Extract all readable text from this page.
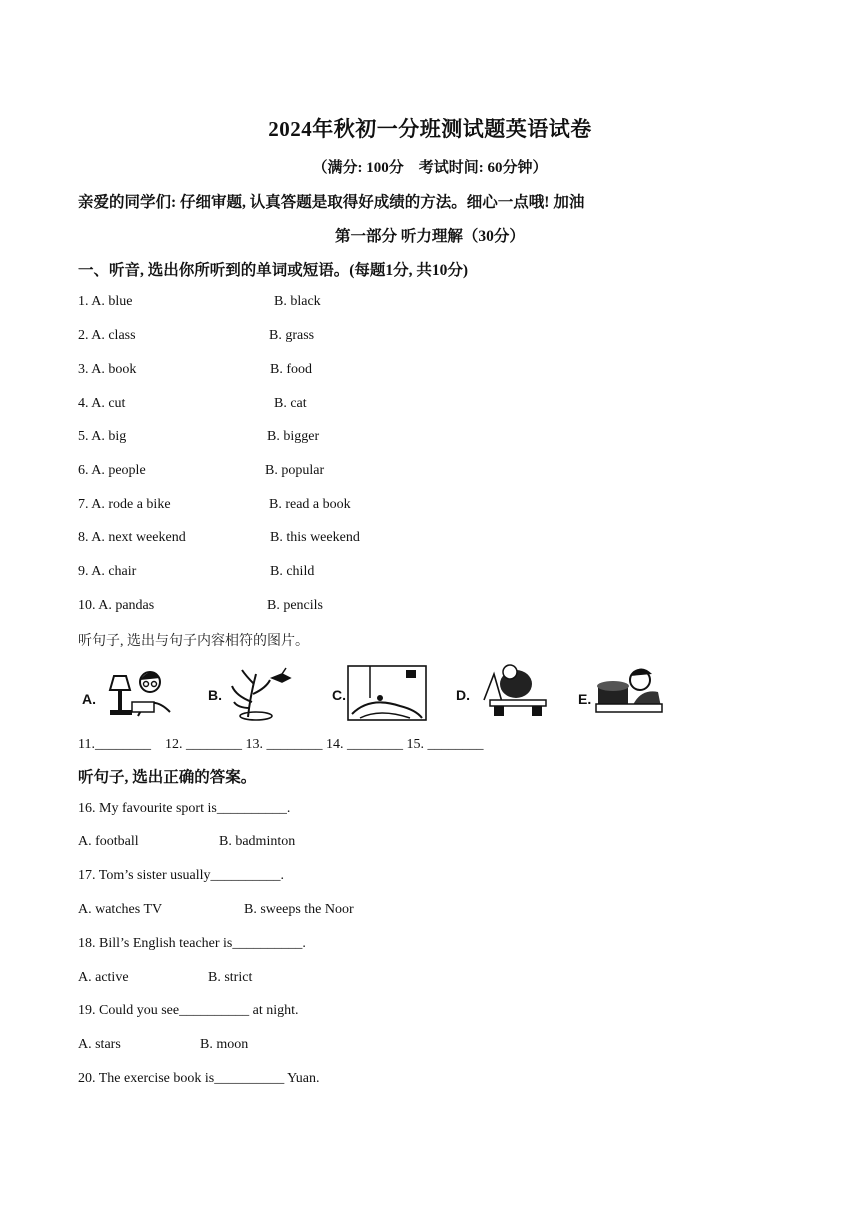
2024年秋初一分班测试题英语试卷
（满分: 100分　考试时间: 60分钟）
亲爱的同学们: 仔细审题, 认真答题是取得好成绩的方法。细心一点哦! 加油
第一部分 听力理解（30分）
一、听音, 选出你所听到的单词或短语。(每题1分, 共10分)
1. A. blue	B. black
2. A. class	B. grass
3. A. book	B. food
4. A. cut	B. cat
5. A. big	B. bigger
6. A. people	B. popular
7. A. rode a bike	B. read a book
8. A. next weekend	B. this weekend
9. A. chair	B. child
10. A. pandas	B. pencils
听句子, 选出与句子内容相符的图片。
A.	B.	C.	D.	E.
11.________　12. ________ 13. ________ 14. ________ 15. ________
听句子, 选出正确的答案。
16. My favourite sport is__________.
A. football	B. badminton
17. Tom’s sister usually__________.
A. watches TV	B. sweeps the Noor
18. Bill’s English teacher is__________.
A. active	B. strict
19. Could you see__________ at night.
A. stars	B. moon
20. The exercise book is__________ Yuan.
